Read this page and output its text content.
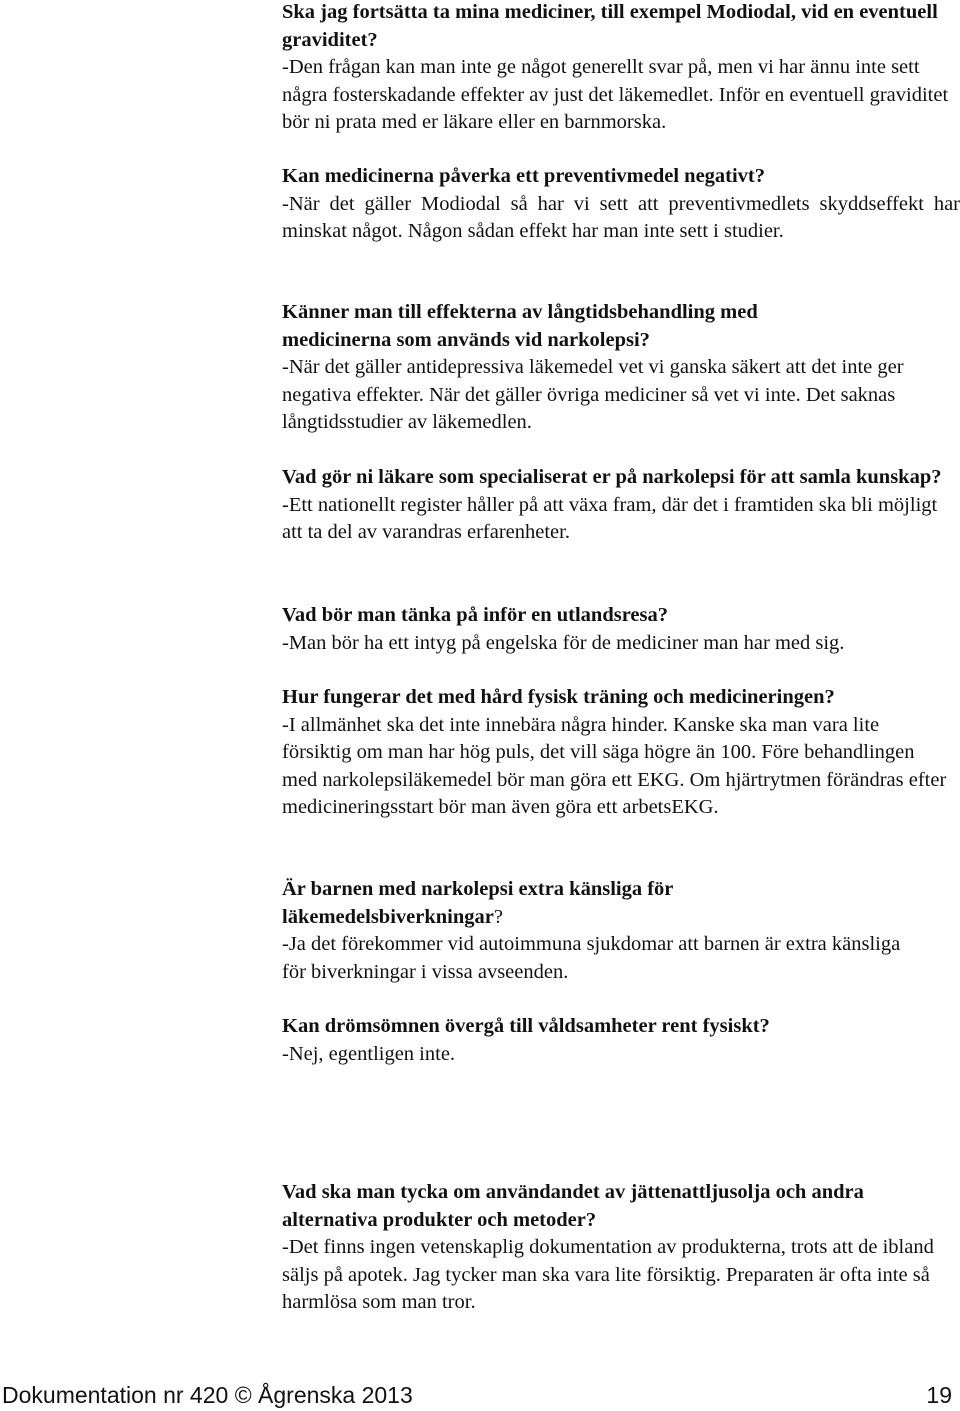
Ska jag fortsätta ta mina mediciner, till exempel Modiodal, vid en eventuell graviditet?

-Den frågan kan man inte ge något generellt svar på, men vi har ännu inte sett några fosterskadande effekter av just det läkemedlet. Inför en eventuell graviditet bör ni prata med er läkare eller en barnmorska.

Kan medicinerna påverka ett preventivmedel negativt?

-När det gäller Modiodal så har vi sett att preventivmedlets skyddseffekt har minskat något. Någon sådan effekt har man inte sett i studier.

Känner man till effekterna av långtidsbehandling med medicinerna som används vid narkolepsi?

-När det gäller antidepressiva läkemedel vet vi ganska säkert att det inte ger negativa effekter. När det gäller övriga mediciner så vet vi inte. Det saknas långtidsstudier av läkemedlen.

Vad gör ni läkare som specialiserat er på narkolepsi för att samla kunskap?

-Ett nationellt register håller på att växa fram, där det i framtiden ska bli möjligt att ta del av varandras erfarenheter.

Vad bör man tänka på inför en utlandsresa?

-Man bör ha ett intyg på engelska för de mediciner man har med sig.

Hur fungerar det med hård fysisk träning och medicineringen?

-I allmänhet ska det inte innebära några hinder. Kanske ska man vara lite försiktig om man har hög puls, det vill säga högre än 100. Före behandlingen med narkolepsiläkemedel bör man göra ett EKG. Om hjärtrytmen förändras efter medicineringsstart bör man även göra ett arbetsEKG.

Är barnen med narkolepsi extra känsliga för läkemedelsbiverkningar?

-Ja det förekommer vid autoimmuna sjukdomar att barnen är extra känsliga för biverkningar i vissa avseenden.

Kan drömsömnen övergå till våldsamheter rent fysiskt?

-Nej, egentligen inte.

Vad ska man tycka om användandet av jättenattljusolja och andra alternativa produkter och metoder?

-Det finns ingen vetenskaplig dokumentation av produkterna, trots att de ibland säljs på apotek. Jag tycker man ska vara lite försiktig. Preparaten är ofta inte så harmlösa som man tror.

Dokumentation nr 420 © Ågrenska 2013	19
